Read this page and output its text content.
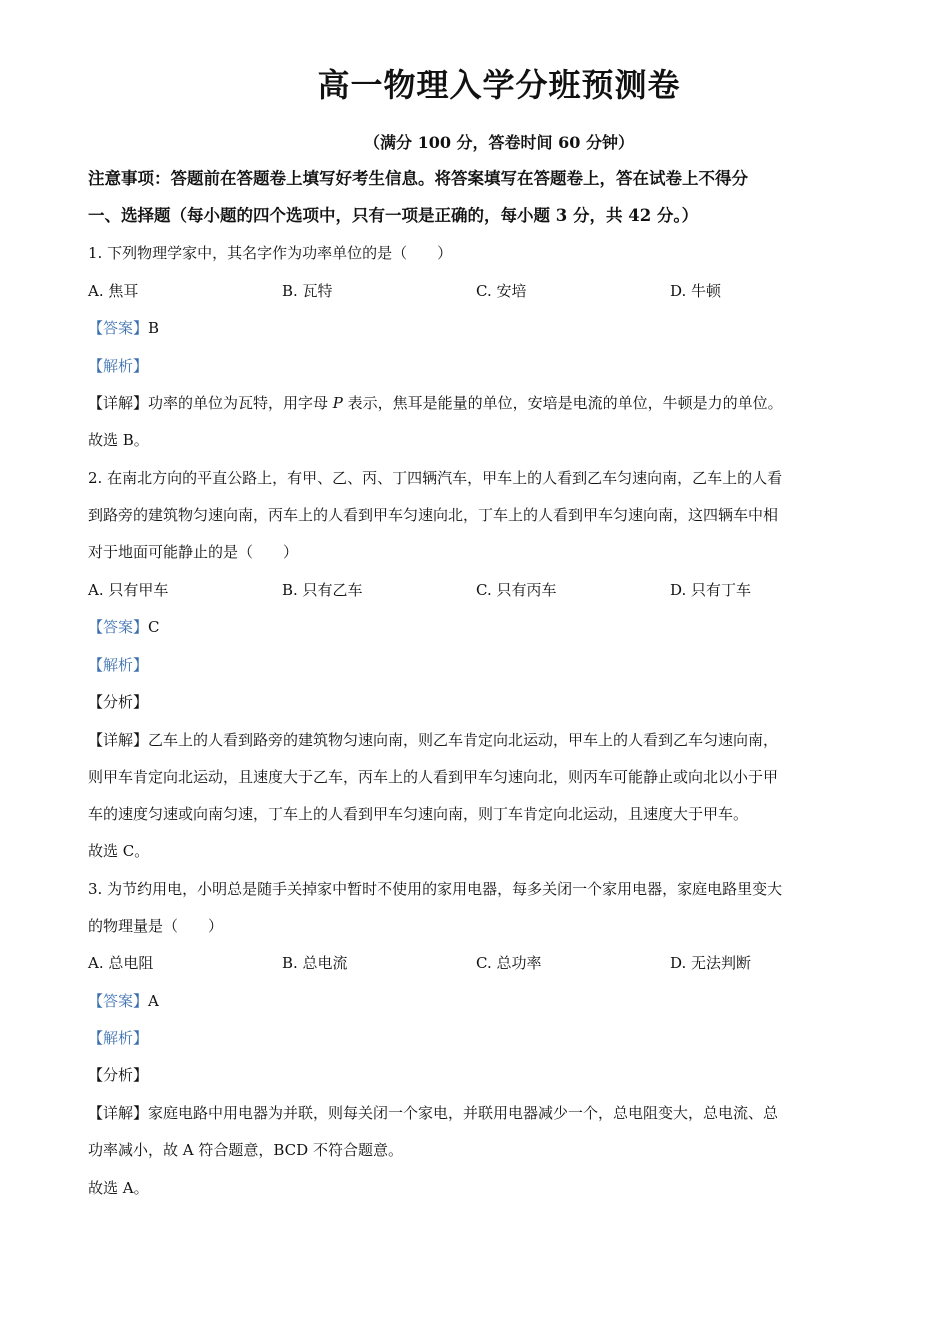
高一物理入学分班预测卷
（满分 100 分，答卷时间 60 分钟）
注意事项：答题前在答题卷上填写好考生信息。将答案填写在答题卷上，答在试卷上不得分
一、选择题（每小题的四个选项中，只有一项是正确的，每小题 3 分，共 42 分。）
1. 下列物理学家中，其名字作为功率单位的是（　　）
A. 焦耳	B. 瓦特	C. 安培	D. 牛顿
【答案】B
【解析】
【详解】功率的单位为瓦特，用字母 P 表示，焦耳是能量的单位，安培是电流的单位，牛顿是力的单位。
故选 B。
2. 在南北方向的平直公路上，有甲、乙、丙、丁四辆汽车，甲车上的人看到乙车匀速向南，乙车上的人看
到路旁的建筑物匀速向南，丙车上的人看到甲车匀速向北，丁车上的人看到甲车匀速向南，这四辆车中相
对于地面可能静止的是（　　）
A. 只有甲车	B. 只有乙车	C. 只有丙车	D. 只有丁车
【答案】C
【解析】
【分析】
【详解】乙车上的人看到路旁的建筑物匀速向南，则乙车肯定向北运动，甲车上的人看到乙车匀速向南，
则甲车肯定向北运动，且速度大于乙车，丙车上的人看到甲车匀速向北，则丙车可能静止或向北以小于甲
车的速度匀速或向南匀速，丁车上的人看到甲车匀速向南，则丁车肯定向北运动，且速度大于甲车。
故选 C。
3. 为节约用电，小明总是随手关掉家中暂时不使用的家用电器，每多关闭一个家用电器，家庭电路里变大
的物理量是（　　）
A. 总电阻	B. 总电流	C. 总功率	D. 无法判断
【答案】A
【解析】
【分析】
【详解】家庭电路中用电器为并联，则每关闭一个家电，并联用电器减少一个，总电阻变大，总电流、总
功率减小，故 A 符合题意，BCD 不符合题意。
故选 A。
